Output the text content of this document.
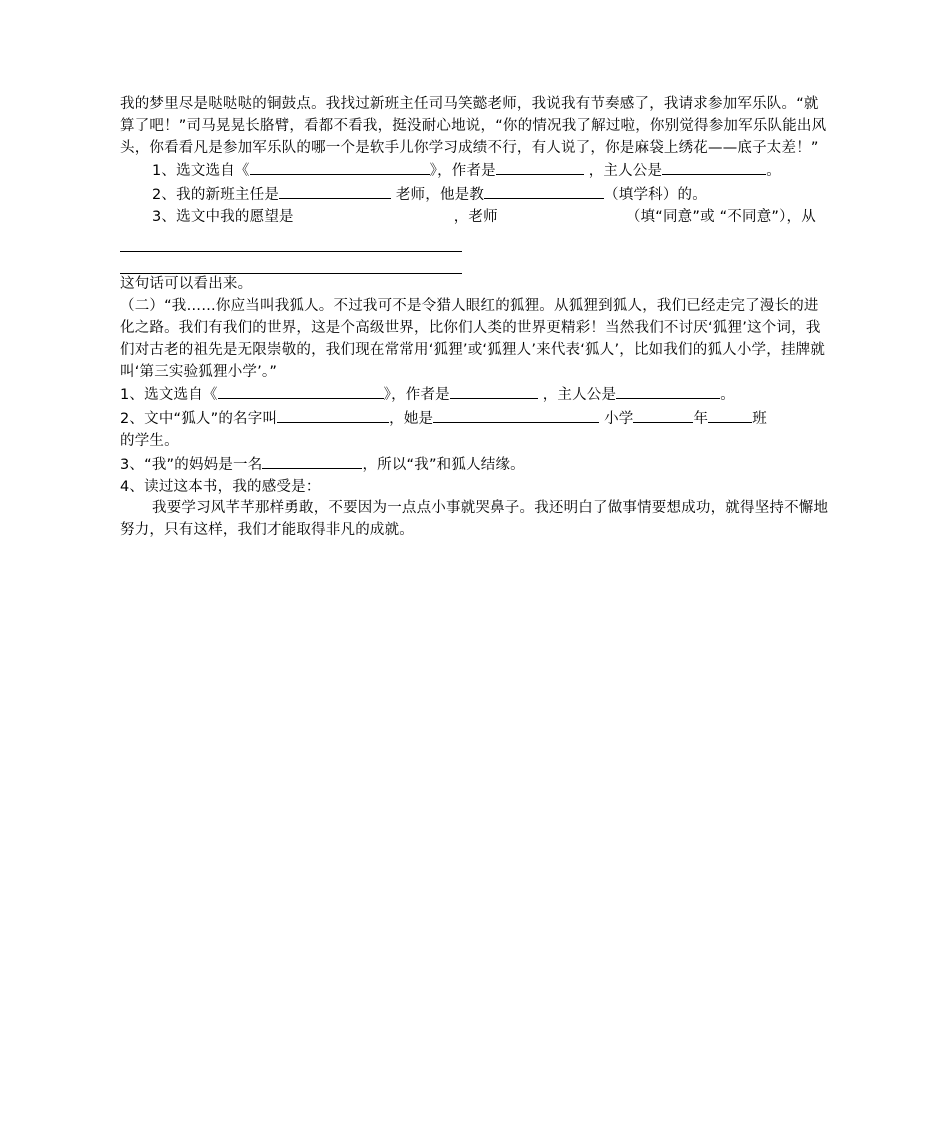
我的梦里尽是哒哒哒的铜鼓点。我找过新班主任司马笑懿老师，我说我有节奏感了，我请求参加军乐队。“就算了吧！”司马晃晃长胳臂，看都不看我，挺没耐心地说，“你的情况我了解过啦，你别觉得参加军乐队能出风头，你看看凡是参加军乐队的哪一个是软手儿你学习成绩不行，有人说了，你是麻袋上绣花——底子太差！”

1、选文选自《	》，作者是	，主人公是	。

2、我的新班主任是	老师，他是教	（填学科）的。

3、选文中我的愿望是	，老师	（填“同意”或 “不同意”），从

这句话可以看出来。

（二）“我……你应当叫我狐人。不过我可不是令猎人眼红的狐狸。从狐狸到狐人，我们已经走完了漫长的进化之路。我们有我们的世界，这是个高级世界，比你们人类的世界更精彩！当然我们不讨厌‘狐狸’这个词，我们对古老的祖先是无限崇敬的，我们现在常常用‘狐狸’或‘狐狸人’来代表‘狐人’，比如我们的狐人小学，挂牌就叫‘第三实验狐狸小学’。”

1、选文选自《	》，作者是	，主人公是	。

2、文中“狐人”的名字叫	，她是	小学	年	班
的学生。

3、“我”的妈妈是一名	，所以“我”和狐人结缘。

4、读过这本书，我的感受是：

我要学习风芊芊那样勇敢，不要因为一点点小事就哭鼻子。我还明白了做事情要想成功，就得坚持不懈地努力，只有这样，我们才能取得非凡的成就。
